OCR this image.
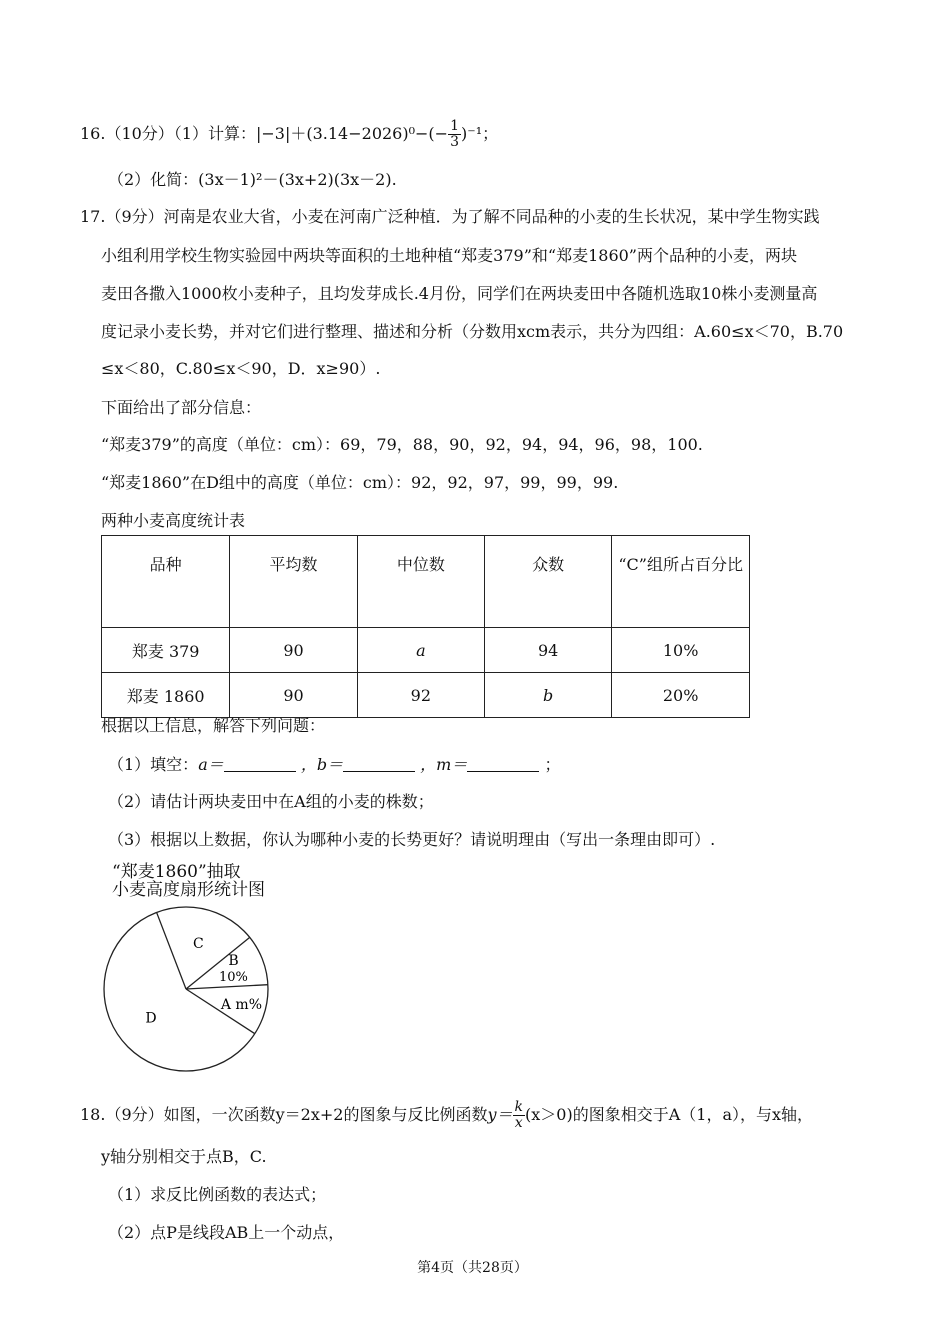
16.（10分）（1）计算：$|-3|+(3.14-2026)^0-(- \frac{1}{3} )^{-1}$；
（2）化简：(3x－1)²－(3x+2)(3x－2).
17.（9分）河南是农业大省，小麦在河南广泛种植．为了解不同品种的小麦的生长状况，某中学生物实践
小组利用学校生物实验园中两块等面积的土地种植“郑麦379”和“郑麦1860”两个品种的小麦，两块
麦田各撒入1000枚小麦种子，且均发芽成长.4月份，同学们在两块麦田中各随机选取10株小麦测量高
度记录小麦长势，并对它们进行整理、描述和分析（分数用xcm表示，共分为四组：A.60≤x＜70，B.70
≤x＜80，C.80≤x＜90，D．x≥90）.
下面给出了部分信息：
“郑麦379”的高度（单位：cm）：69，79，88，90，92，94，94，96，98，100.
“郑麦1860”在D组中的高度（单位：cm）：92，92，97，99，99，99.
两种小麦高度统计表
品种	平均数	中位数	众数	“C”组所占百分比
郑麦 379	90	a	94	10%
郑麦 1860	90	92	b	20%
根据以上信息，解答下列问题：
（1）填空：a＝	，b＝	，m＝	；
（2）请估计两块麦田中在A组的小麦的株数；
（3）根据以上数据，你认为哪种小麦的长势更好？请说明理由（写出一条理由即可）.
“郑麦1860”抽取
小麦高度扇形统计图
C
B
10%
A m%
D
18.（9分）如图，一次函数y＝2x+2的图象与反比例函数$y= \frac{k}{x} (x>0)$的图象相交于A（1，a），与x轴，
y轴分别相交于点B，C.
（1）求反比例函数的表达式；
（2）点P是线段AB上一个动点，
第4页（共28页）
